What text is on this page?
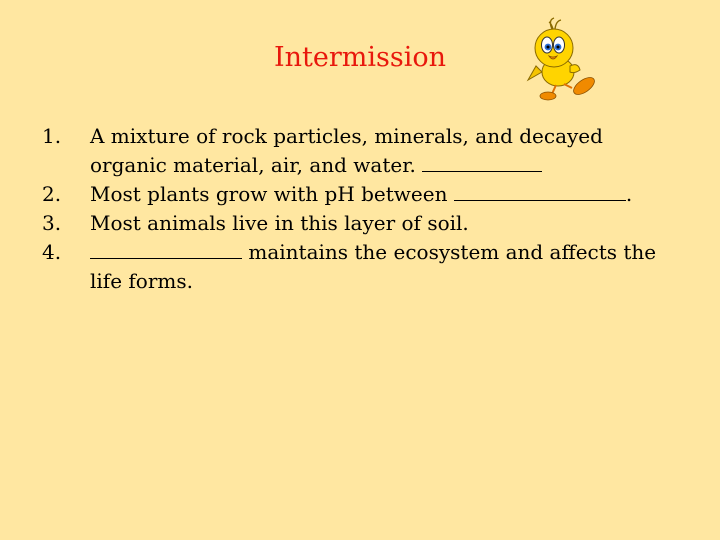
Intermission
1.	A mixture of rock particles, minerals, and decayed organic material, air, and water.
2.	Most plants grow with pH between	.
3.	Most animals live in this layer of soil.
4.	maintains the ecosystem and affects the life forms.
